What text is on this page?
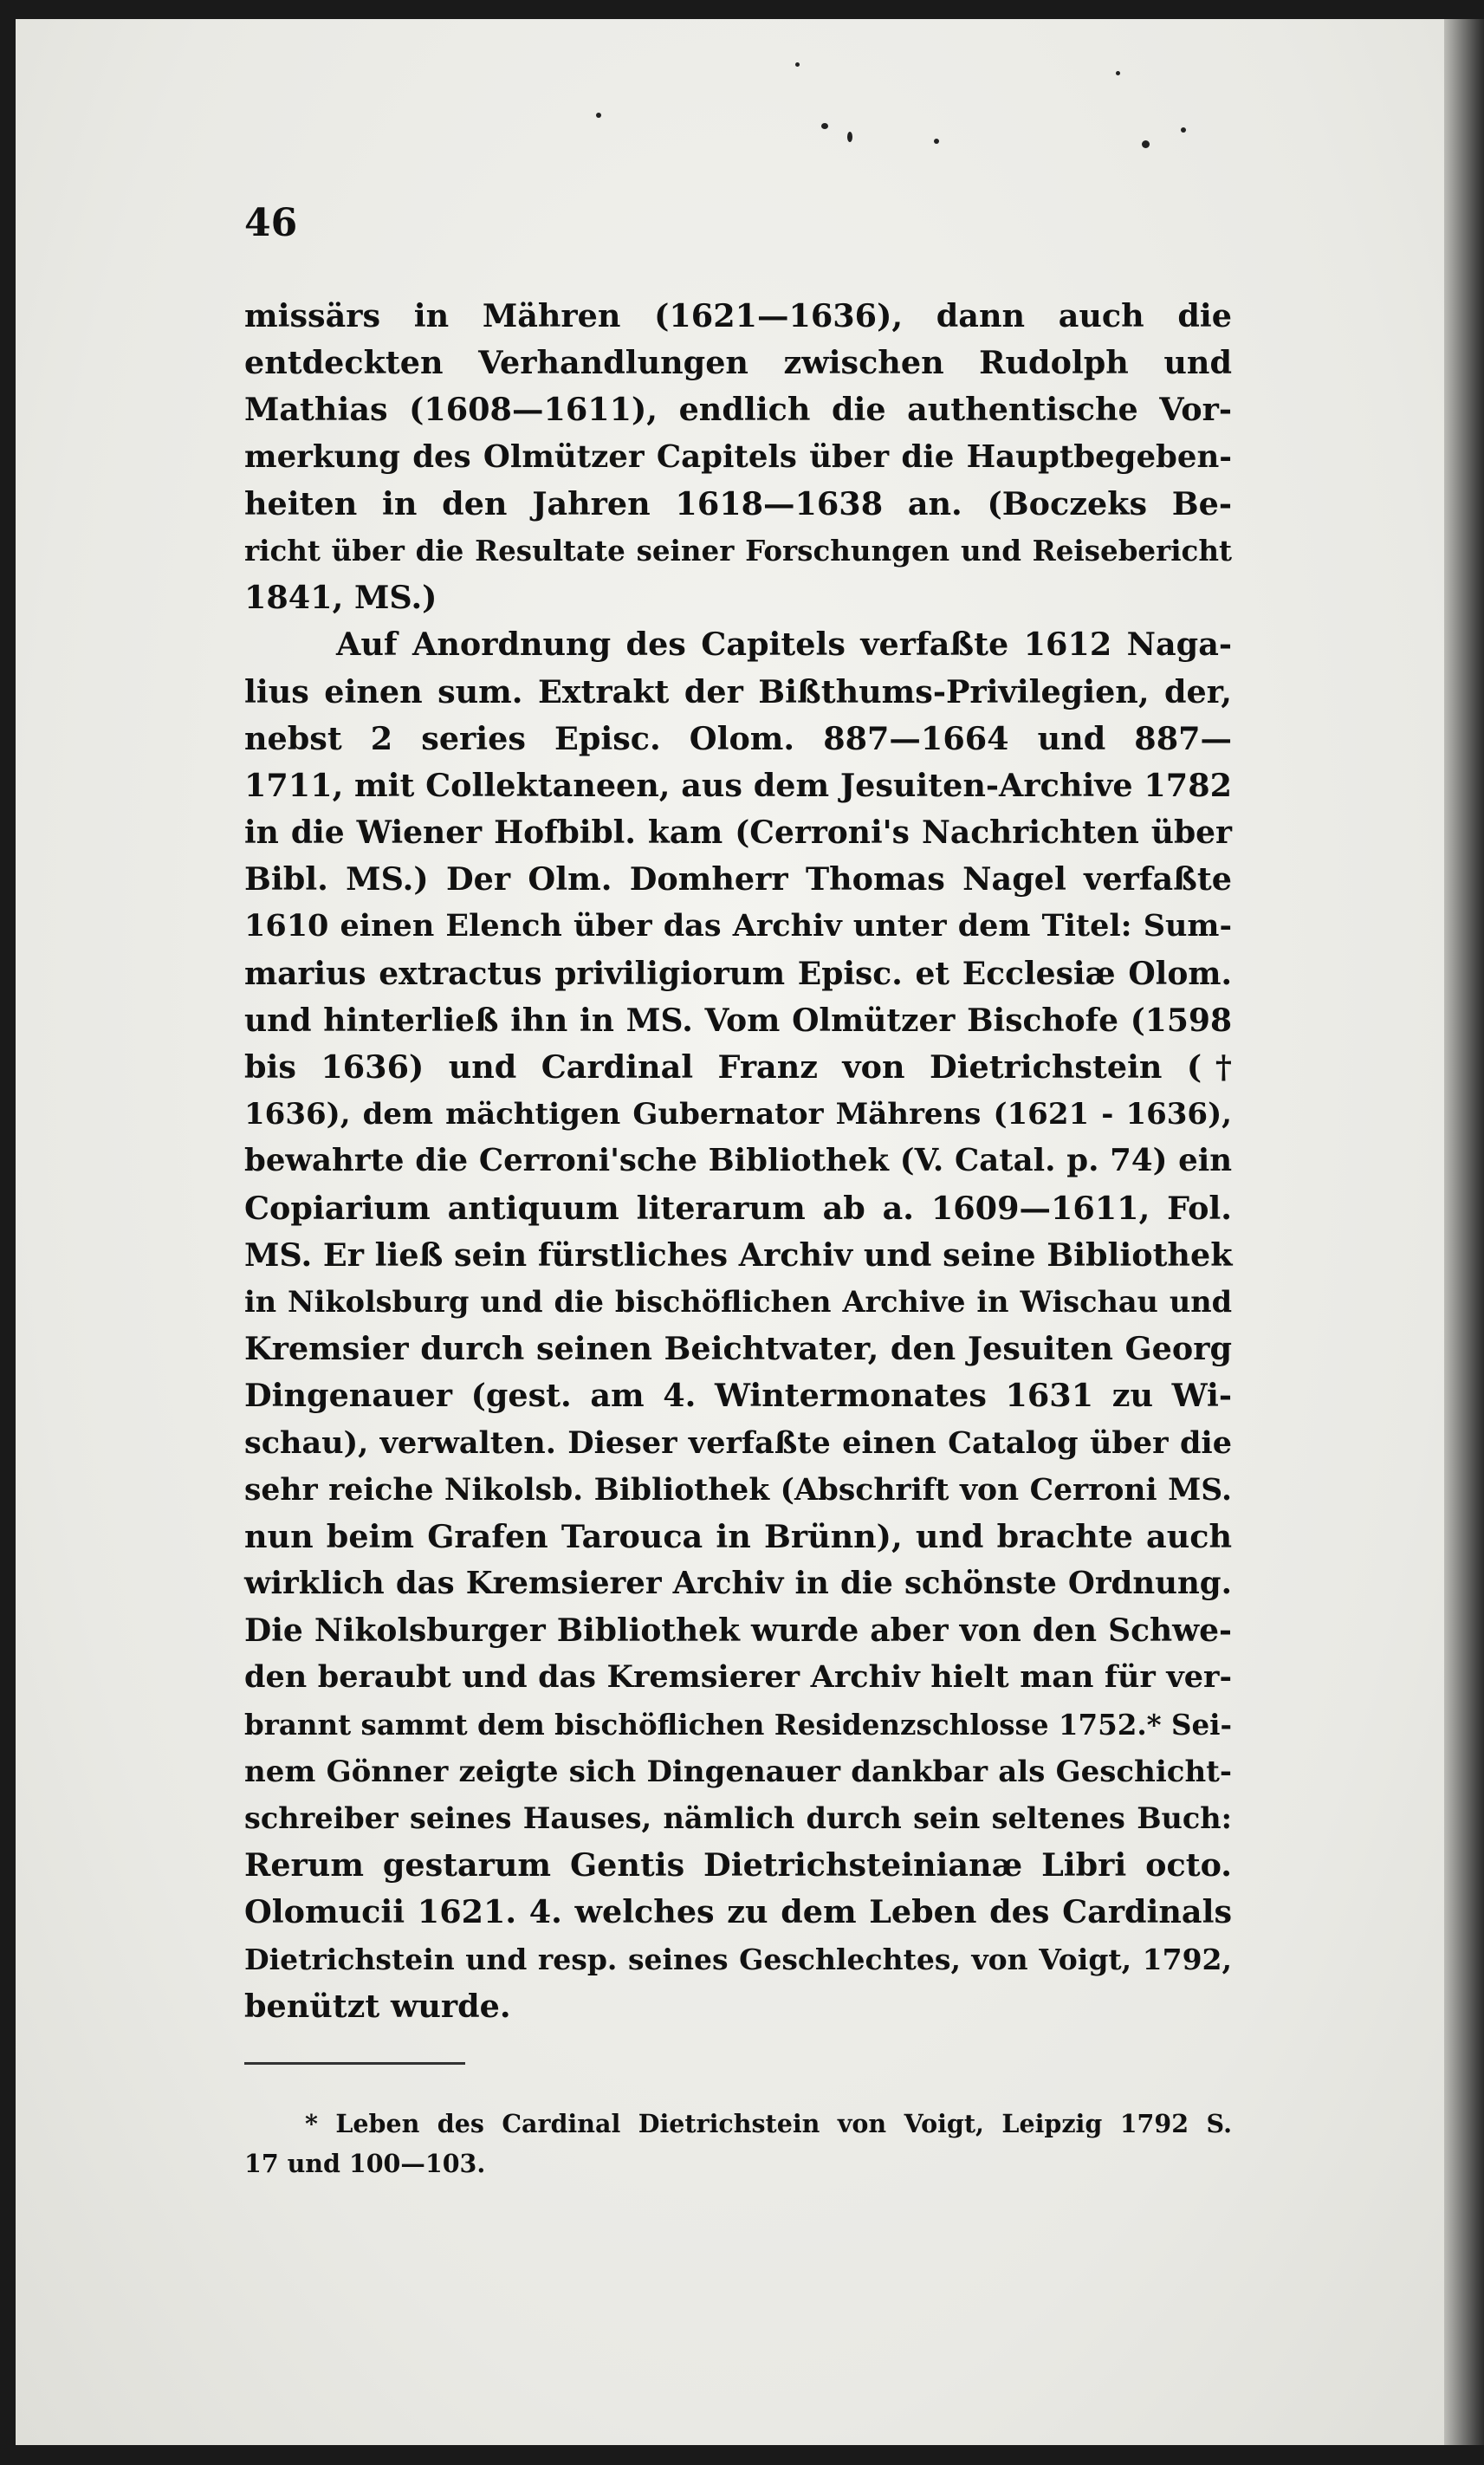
46
missärs in Mähren (1621—1636), dann auch die
entdeckten Verhandlungen zwischen Rudolph und
Mathias (1608—1611), endlich die authentische Vor-
merkung des Olmützer Capitels über die Hauptbegeben-
heiten in den Jahren 1618—1638 an. (Boczeks Be-
richt über die Resultate seiner Forschungen und Reisebericht
1841, MS.)
Auf Anordnung des Capitels verfaßte 1612 Naga-
lius einen sum. Extrakt der Bißthums-Privilegien, der,
nebst 2 series Episc. Olom. 887—1664 und 887—
1711, mit Collektaneen, aus dem Jesuiten-Archive 1782
in die Wiener Hofbibl. kam (Cerroni's Nachrichten über
Bibl. MS.) Der Olm. Domherr Thomas Nagel verfaßte
1610 einen Elench über das Archiv unter dem Titel: Sum-
marius extractus priviligiorum Episc. et Ecclesiæ Olom.
und hinterließ ihn in MS. Vom Olmützer Bischofe (1598
bis 1636) und Cardinal Franz von Dietrichstein (†
1636), dem mächtigen Gubernator Mährens (1621 - 1636),
bewahrte die Cerroni'sche Bibliothek (V. Catal. p. 74) ein
Copiarium antiquum literarum ab a. 1609—1611, Fol.
MS. Er ließ sein fürstliches Archiv und seine Bibliothek
in Nikolsburg und die bischöflichen Archive in Wischau und
Kremsier durch seinen Beichtvater, den Jesuiten Georg
Dingenauer (gest. am 4. Wintermonates 1631 zu Wi-
schau), verwalten. Dieser verfaßte einen Catalog über die
sehr reiche Nikolsb. Bibliothek (Abschrift von Cerroni MS.
nun beim Grafen Tarouca in Brünn), und brachte auch
wirklich das Kremsierer Archiv in die schönste Ordnung.
Die Nikolsburger Bibliothek wurde aber von den Schwe-
den beraubt und das Kremsierer Archiv hielt man für ver-
brannt sammt dem bischöflichen Residenzschlosse 1752.* Sei-
nem Gönner zeigte sich Dingenauer dankbar als Geschicht-
schreiber seines Hauses, nämlich durch sein seltenes Buch:
Rerum gestarum Gentis Dietrichsteinianæ Libri octo.
Olomucii 1621. 4. welches zu dem Leben des Cardinals
Dietrichstein und resp. seines Geschlechtes, von Voigt, 1792,
benützt wurde.
* Leben des Cardinal Dietrichstein von Voigt, Leipzig 1792 S.
17 und 100—103.
